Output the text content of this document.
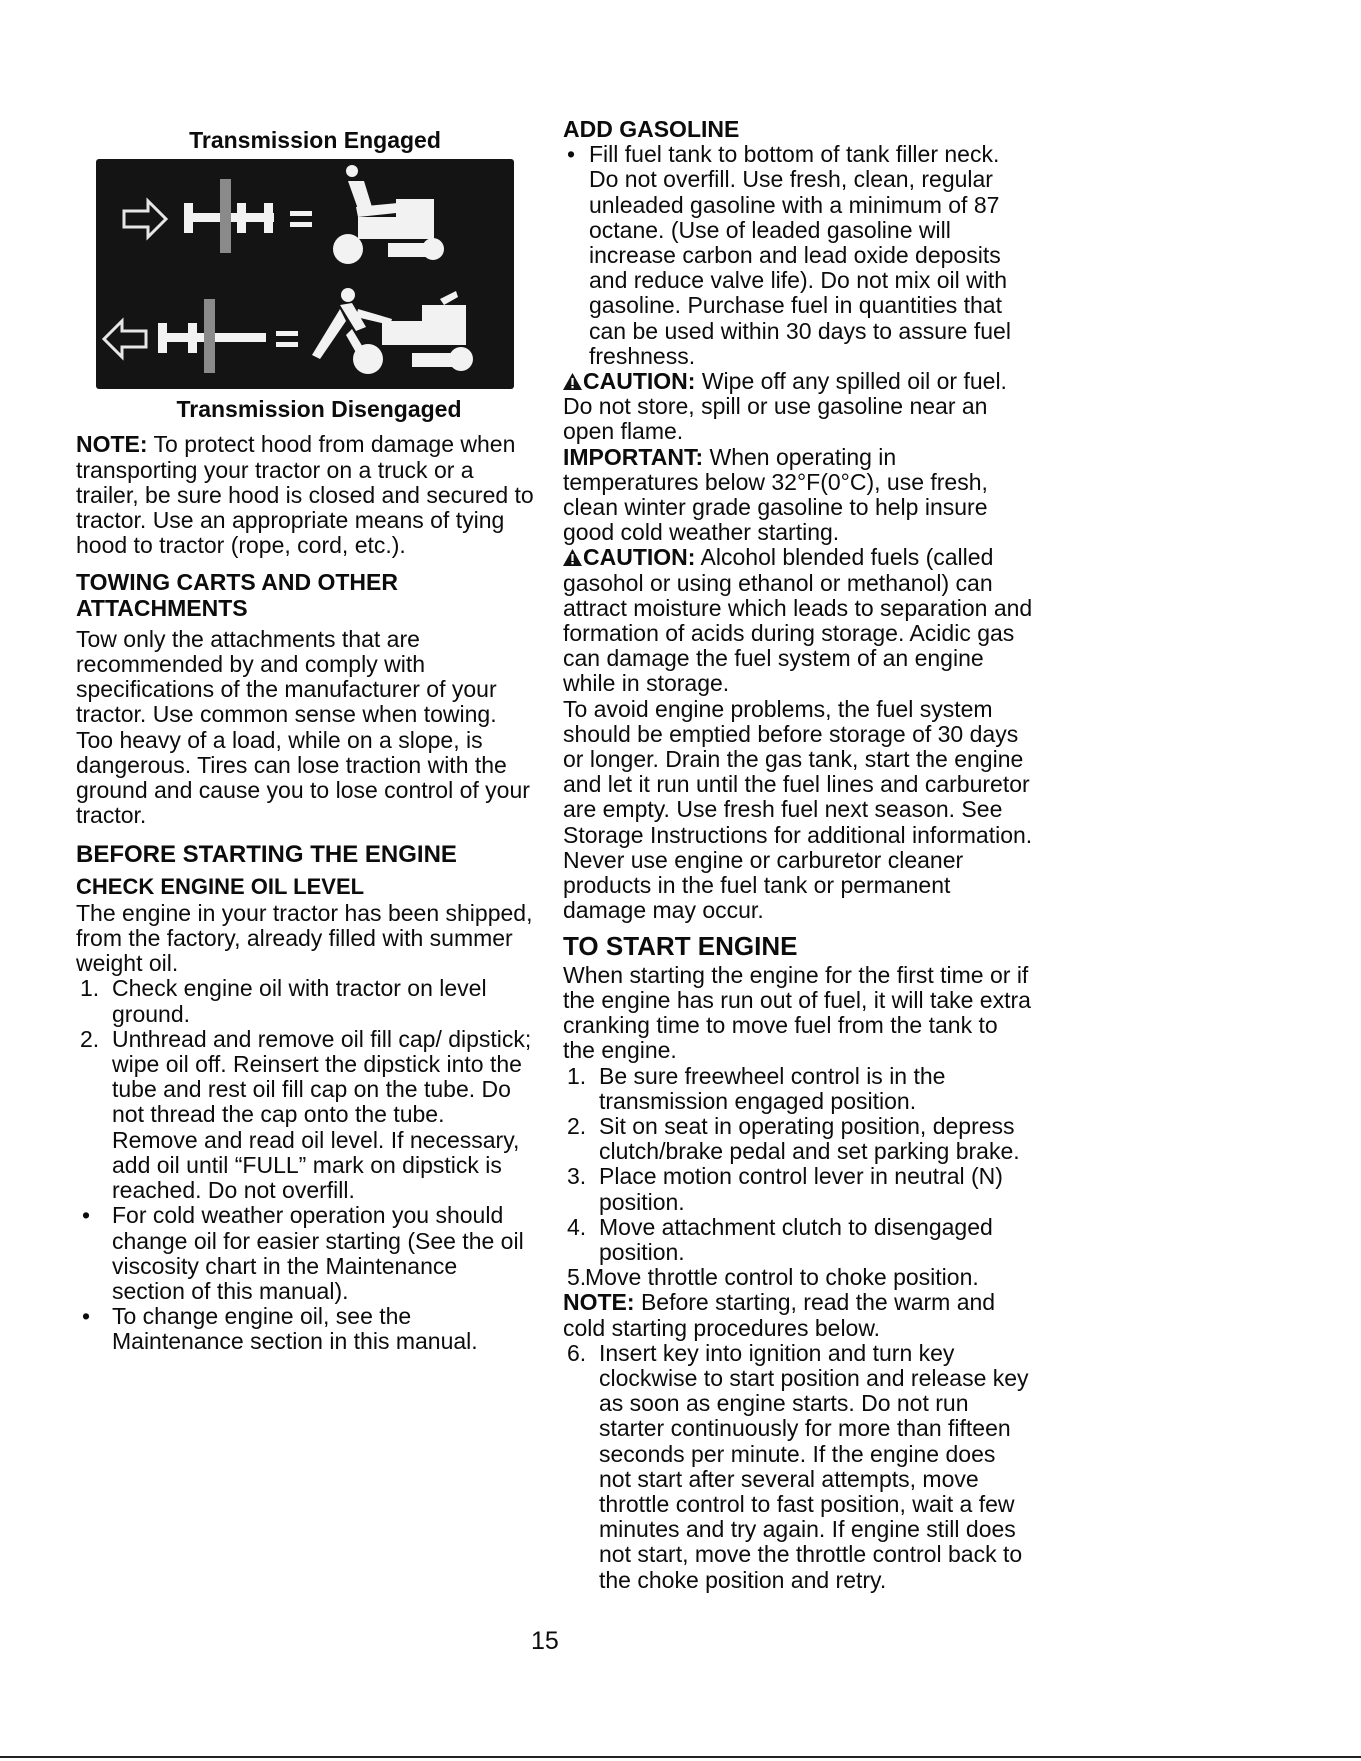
Transmission Engaged

Transmission Disengaged

NOTE: To protect hood from damage when transporting your tractor on a truck or a trailer, be sure hood is closed and secured to tractor. Use an appropriate means of tying hood to tractor (rope, cord, etc.).

TOWING CARTS AND OTHER ATTACHMENTS

Tow only the attachments that are recommended by and comply with specifications of the manufacturer of your tractor. Use common sense when towing. Too heavy of a load, while on a slope, is dangerous. Tires can lose traction with the ground and cause you to lose control of your tractor.

BEFORE STARTING THE ENGINE

CHECK ENGINE OIL LEVEL

The engine in your tractor has been shipped, from the factory, already filled with summer weight oil.

1. Check engine oil with tractor on level ground.
2. Unthread and remove oil fill cap/ dipstick; wipe oil off. Reinsert the dipstick into the tube and rest oil fill cap on the tube. Do not thread the cap onto the tube. Remove and read oil level. If necessary, add oil until “FULL” mark on dipstick is reached. Do not overfill.
• For cold weather operation you should change oil for easier starting (See the oil viscosity chart in the Maintenance section of this manual).
• To change engine oil, see the Maintenance section in this manual.

ADD GASOLINE

• Fill fuel tank to bottom of tank filler neck. Do not overfill. Use fresh, clean, regular unleaded gasoline with a minimum of 87 octane. (Use of leaded gasoline will increase carbon and lead oxide deposits and reduce valve life). Do not mix oil with gasoline. Purchase fuel in quantities that can be used within 30 days to assure fuel freshness.

CAUTION: Wipe off any spilled oil or fuel. Do not store, spill or use gasoline near an open flame.

IMPORTANT: When operating in temperatures below 32°F(0°C), use fresh, clean winter grade gasoline to help insure good cold weather starting.

CAUTION: Alcohol blended fuels (called gasohol or using ethanol or methanol) can attract moisture which leads to separation and formation of acids during storage. Acidic gas can damage the fuel system of an engine while in storage.

To avoid engine problems, the fuel system should be emptied before storage of 30 days or longer. Drain the gas tank, start the engine and let it run until the fuel lines and carburetor are empty. Use fresh fuel next season. See Storage Instructions for additional information.

Never use engine or carburetor cleaner products in the fuel tank or permanent damage may occur.

TO START ENGINE

When starting the engine for the first time or if the engine has run out of fuel, it will take extra cranking time to move fuel from the tank to the engine.

1. Be sure freewheel control is in the transmission engaged position.
2. Sit on seat in operating position, depress clutch/brake pedal and set parking brake.
3. Place motion control lever in neutral (N) position.
4. Move attachment clutch to disengaged position.
5.
Move throttle control to choke position.

NOTE: Before starting, read the warm and cold starting procedures below.

6. Insert key into ignition and turn key clockwise to start position and release key as soon as engine starts. Do not run starter continuously for more than fifteen seconds per minute. If the engine does not start after several attempts, move throttle control to fast position, wait a few minutes and try again. If engine still does not start, move the throttle control back to the choke position and retry.
15
